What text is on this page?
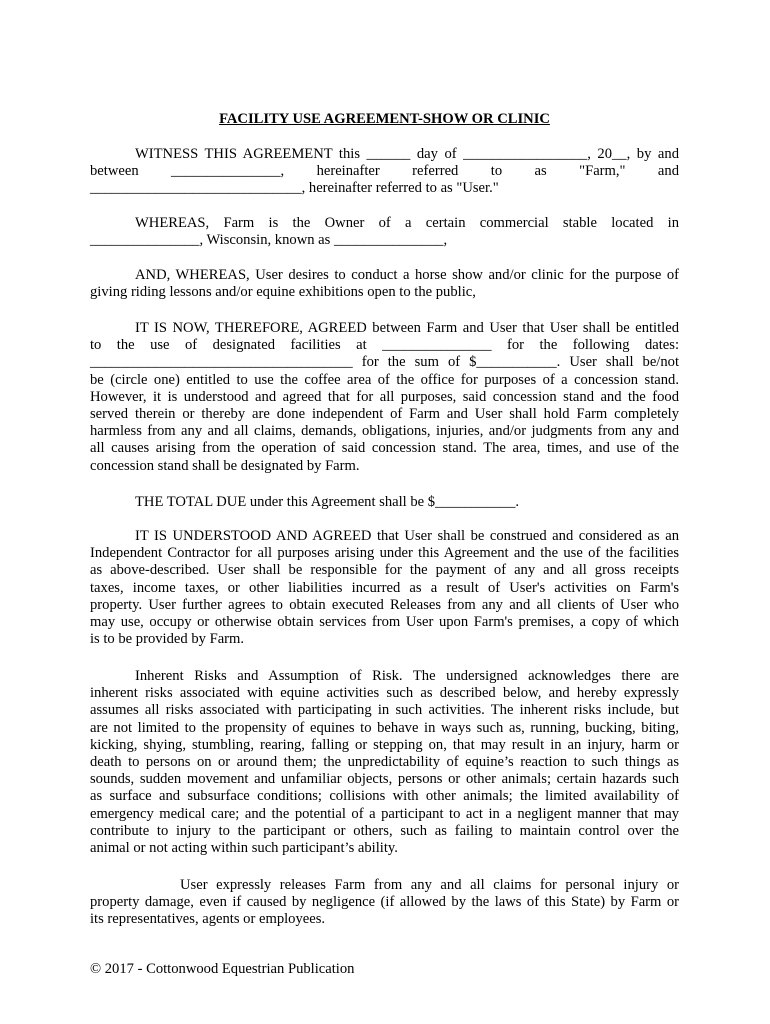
FACILITY USE AGREEMENT-SHOW OR CLINIC
WITNESS THIS AGREEMENT this ______ day of _________________, 20__, by and
between _______________, hereinafter referred to as "Farm," and
_____________________________, hereinafter referred to as "User."
WHEREAS, Farm is the Owner of a certain commercial stable located in
_______________, Wisconsin, known as _______________,
AND, WHEREAS, User desires to conduct a horse show and/or clinic for the purpose of
giving riding lessons and/or equine exhibitions open to the public,
IT IS NOW, THEREFORE, AGREED between Farm and User that User shall be entitled
to the use of designated facilities at _______________ for the following dates:
____________________________________ for the sum of $___________. User shall be/not
be (circle one) entitled to use the coffee area of the office for purposes of a concession stand.
However, it is understood and agreed that for all purposes, said concession stand and the food
served therein or thereby are done independent of Farm and User shall hold Farm completely
harmless from any and all claims, demands, obligations, injuries, and/or judgments from any and
all causes arising from the operation of said concession stand. The area, times, and use of the
concession stand shall be designated by Farm.
THE TOTAL DUE under this Agreement shall be $___________.
IT IS UNDERSTOOD AND AGREED that User shall be construed and considered as an
Independent Contractor for all purposes arising under this Agreement and the use of the facilities
as above-described. User shall be responsible for the payment of any and all gross receipts
taxes, income taxes, or other liabilities incurred as a result of User's activities on Farm's
property. User further agrees to obtain executed Releases from any and all clients of User who
may use, occupy or otherwise obtain services from User upon Farm's premises, a copy of which
is to be provided by Farm.
Inherent Risks and Assumption of Risk. The undersigned acknowledges there are
inherent risks associated with equine activities such as described below, and hereby expressly
assumes all risks associated with participating in such activities. The inherent risks include, but
are not limited to the propensity of equines to behave in ways such as, running, bucking, biting,
kicking, shying, stumbling, rearing, falling or stepping on, that may result in an injury, harm or
death to persons on or around them; the unpredictability of equine’s reaction to such things as
sounds, sudden movement and unfamiliar objects, persons or other animals; certain hazards such
as surface and subsurface conditions; collisions with other animals; the limited availability of
emergency medical care; and the potential of a participant to act in a negligent manner that may
contribute to injury to the participant or others, such as failing to maintain control over the
animal or not acting within such participant’s ability.
User expressly releases Farm from any and all claims for personal injury or
property damage, even if caused by negligence (if allowed by the laws of this State) by Farm or
its representatives, agents or employees.
© 2017 - Cottonwood Equestrian Publication
